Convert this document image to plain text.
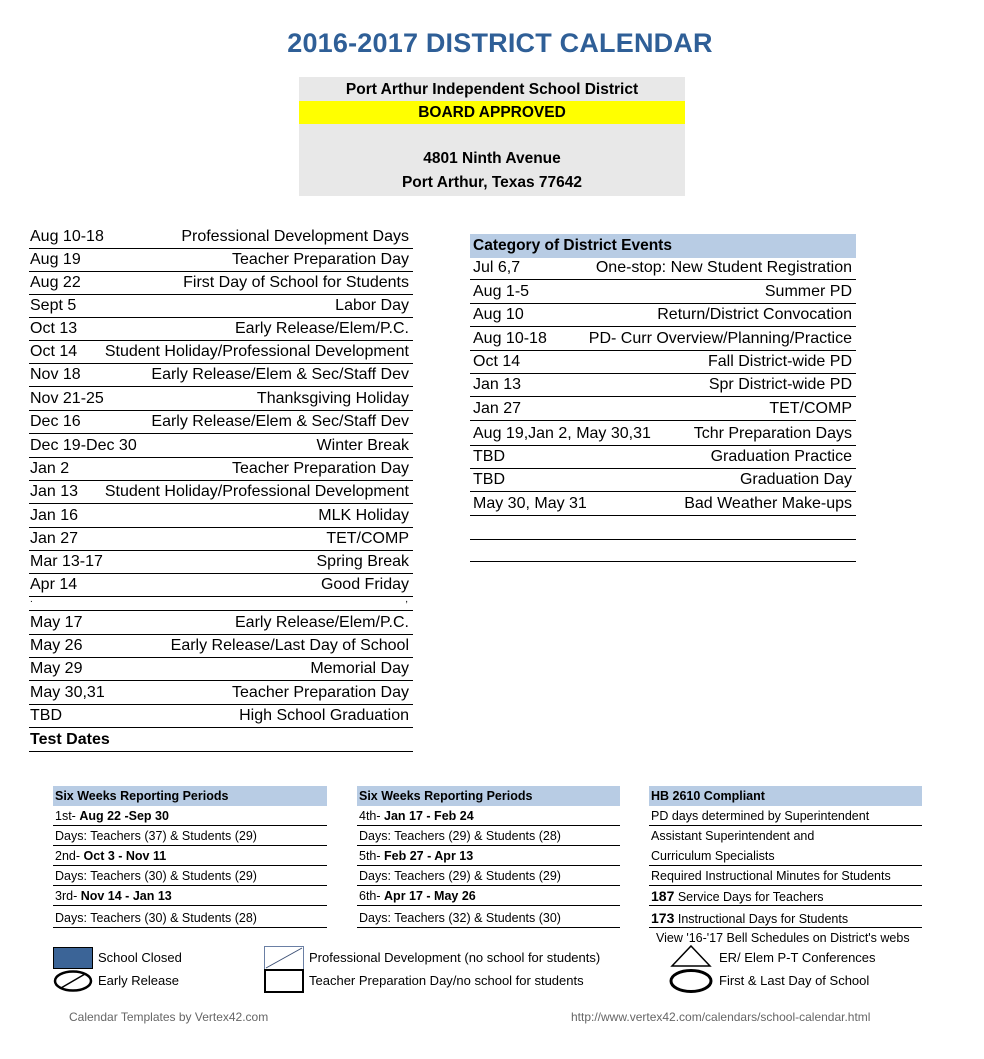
2016-2017 DISTRICT CALENDAR
Port Arthur Independent School District
BOARD APPROVED
4801 Ninth Avenue
Port Arthur, Texas 77642
Aug 10-18	Professional Development Days
Aug 19	Teacher Preparation Day
Aug 22	First Day of School for Students
Sept 5	Labor Day
Oct 13	Early Release/Elem/P.C.
Oct 14 Student Holiday/Professional Development
Nov 18	Early Release/Elem & Sec/Staff Dev
Nov 21-25	Thanksgiving Holiday
Dec 16	Early Release/Elem & Sec/Staff Dev
Dec 19-Dec 30	Winter Break
Jan 2	Teacher Preparation Day
Jan 13 Student Holiday/Professional Development
Jan 16	MLK Holiday
Jan 27	TET/COMP
Mar 13-17	Spring Break
Apr 14	Good Friday
.	,
May 17	Early Release/Elem/P.C.
May 26	Early Release/Last Day of School
May 29	Memorial Day
May 30,31	Teacher Preparation Day
TBD	High School Graduation
Test Dates
Category of District Events
Jul 6,7	One-stop: New Student Registration
Aug 1-5	Summer PD
Aug 10	Return/District Convocation
Aug 10-18	PD- Curr Overview/Planning/Practice
Oct 14	Fall District-wide PD
Jan 13	Spr District-wide PD
Jan 27	TET/COMP
Aug 19,Jan 2, May 30,31	Tchr Preparation Days
TBD	Graduation Practice
TBD	Graduation Day
May 30, May 31	Bad Weather Make-ups
Six Weeks Reporting Periods
1st- Aug 22 -Sep 30
Days: Teachers (37) & Students (29)
2nd- Oct 3 - Nov 11
Days: Teachers (30) & Students (29)
3rd- Nov 14 - Jan 13
Days: Teachers (30) & Students (28)
Six Weeks Reporting Periods
4th- Jan 17 - Feb 24
Days: Teachers (29) & Students (28)
5th- Feb 27 - Apr 13
Days: Teachers (29) & Students (29)
6th- Apr 17 - May 26
Days: Teachers (32) & Students (30)
HB 2610 Compliant
PD days determined by Superintendent
Assistant Superintendent and
Curriculum Specialists
Required Instructional Minutes for Students
187 Service Days for Teachers
173 Instructional Days for Students
View '16-'17 Bell Schedules on District's webs
School Closed
Early Release
Professional Development (no school for students)
Teacher Preparation Day/no school for students
ER/ Elem P-T Conferences
First & Last Day of School
Calendar Templates by Vertex42.com	http://www.vertex42.com/calendars/school-calendar.html
